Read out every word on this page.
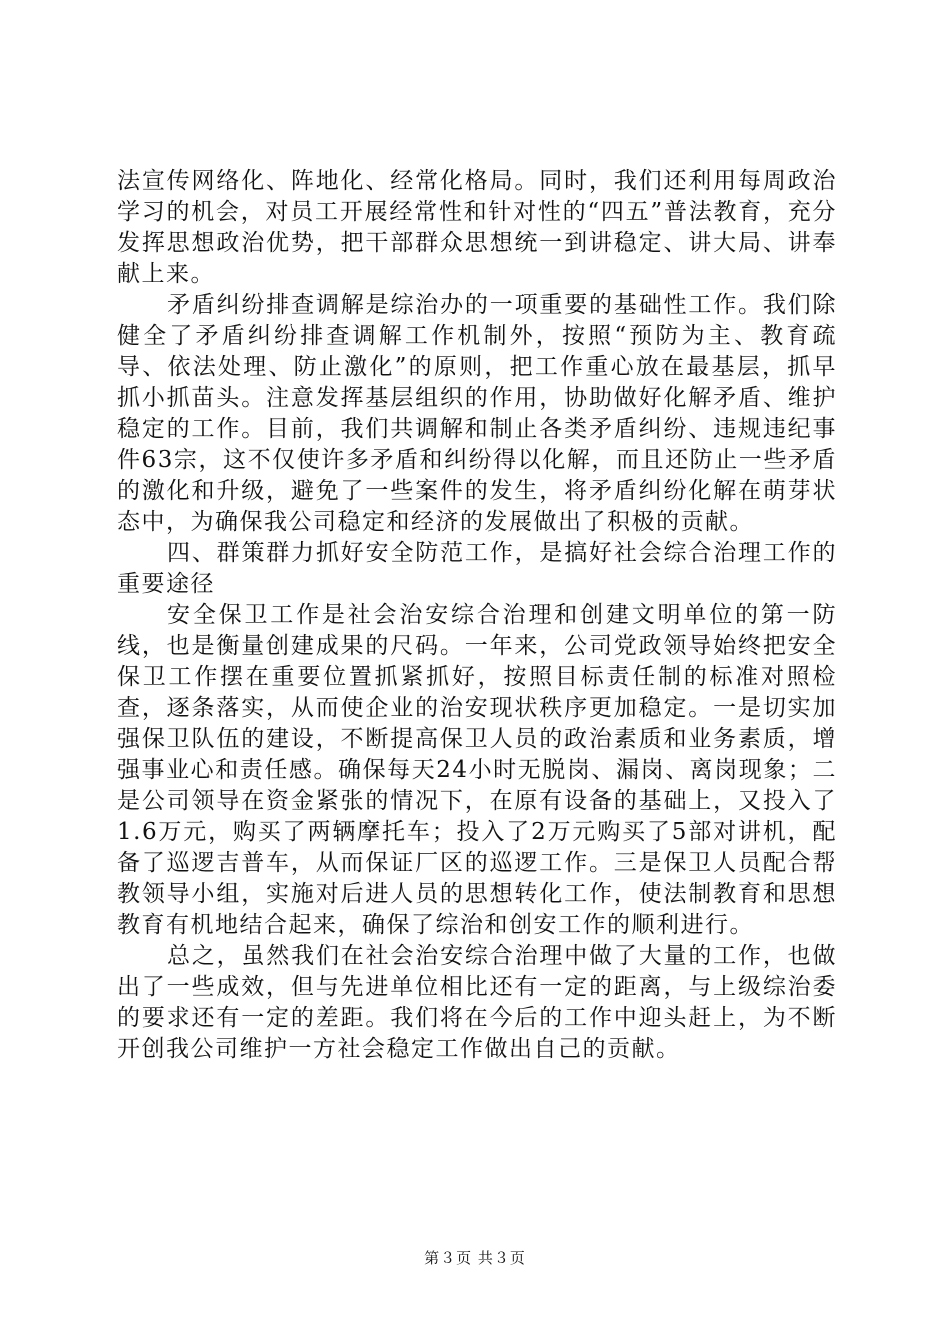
法宣传网络化、阵地化、经常化格局。同时，我们还利用每周政治学习的机会，对员工开展经常性和针对性的“四五”普法教育，充分发挥思想政治优势，把干部群众思想统一到讲稳定、讲大局、讲奉献上来。

矛盾纠纷排查调解是综治办的一项重要的基础性工作。我们除健全了矛盾纠纷排查调解工作机制外，按照“预防为主、教育疏导、依法处理、防止激化”的原则，把工作重心放在最基层，抓早抓小抓苗头。注意发挥基层组织的作用，协助做好化解矛盾、维护稳定的工作。目前，我们共调解和制止各类矛盾纠纷、违规违纪事件63宗，这不仅使许多矛盾和纠纷得以化解，而且还防止一些矛盾的激化和升级，避免了一些案件的发生，将矛盾纠纷化解在萌芽状态中，为确保我公司稳定和经济的发展做出了积极的贡献。

四、群策群力抓好安全防范工作，是搞好社会综合治理工作的重要途径

安全保卫工作是社会治安综合治理和创建文明单位的第一防线，也是衡量创建成果的尺码。一年来，公司党政领导始终把安全保卫工作摆在重要位置抓紧抓好，按照目标责任制的标准对照检查，逐条落实，从而使企业的治安现状秩序更加稳定。一是切实加强保卫队伍的建设，不断提高保卫人员的政治素质和业务素质，增强事业心和责任感。确保每天24小时无脱岗、漏岗、离岗现象；二是公司领导在资金紧张的情况下，在原有设备的基础上，又投入了1.6万元，购买了两辆摩托车；投入了2万元购买了5部对讲机，配备了巡逻吉普车，从而保证厂区的巡逻工作。三是保卫人员配合帮教领导小组，实施对后进人员的思想转化工作，使法制教育和思想教育有机地结合起来，确保了综治和创安工作的顺利进行。

总之，虽然我们在社会治安综合治理中做了大量的工作，也做出了一些成效，但与先进单位相比还有一定的距离，与上级综治委的要求还有一定的差距。我们将在今后的工作中迎头赶上，为不断开创我公司维护一方社会稳定工作做出自己的贡献。

第３页 共３页
